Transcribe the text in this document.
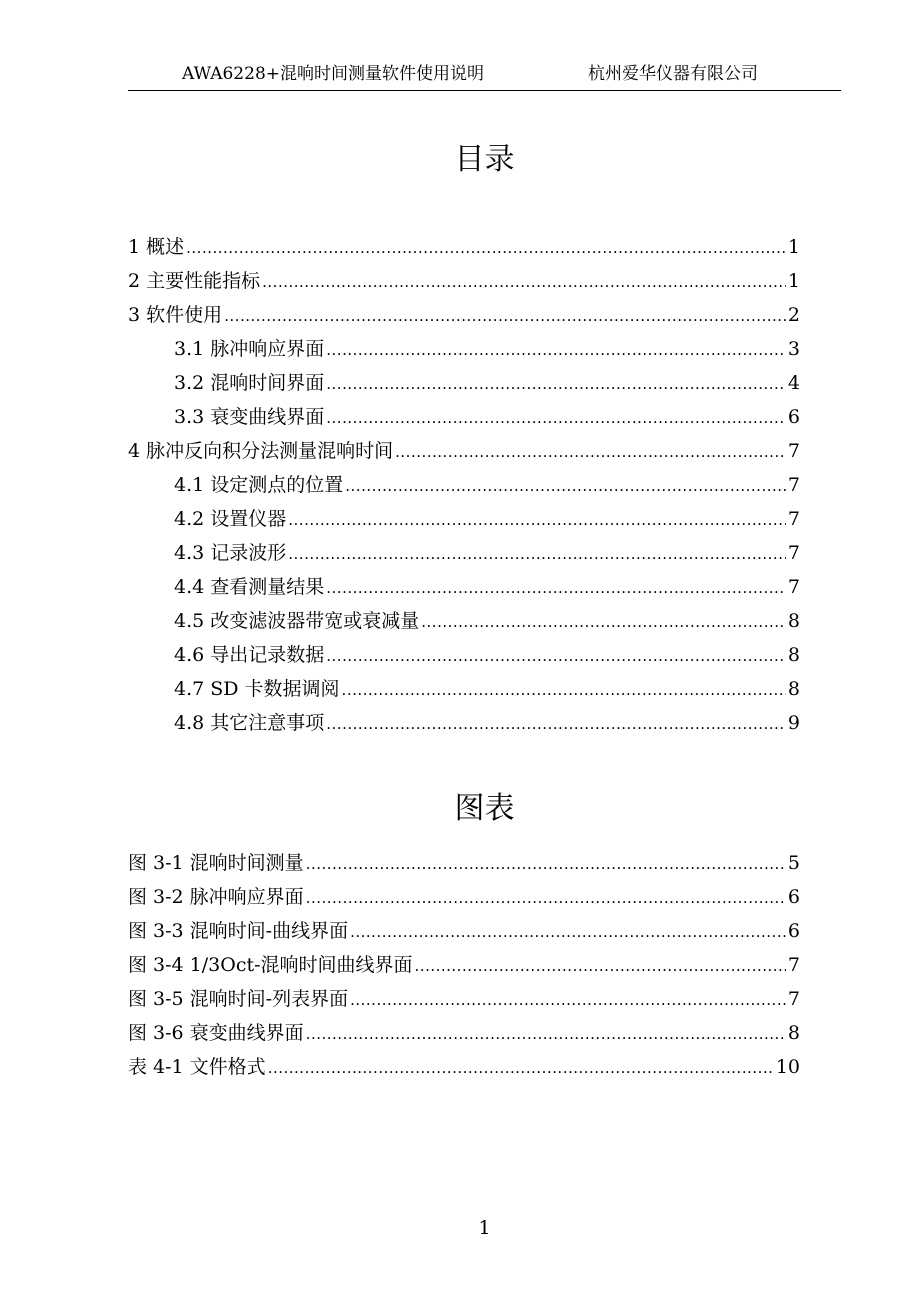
AWA6228+混响时间测量软件使用说明	杭州爱华仪器有限公司
目录
1 概述 .....	1
2 主要性能指标 .....	1
3 软件使用 .....	2
3.1 脉冲响应界面 .....	3
3.2 混响时间界面 .....	4
3.3 衰变曲线界面 .....	6
4 脉冲反向积分法测量混响时间 .....	7
4.1 设定测点的位置 .....	7
4.2 设置仪器 .....	7
4.3 记录波形 .....	7
4.4 查看测量结果 .....	7
4.5 改变滤波器带宽或衰减量 .....	8
4.6 导出记录数据 .....	8
4.7 SD 卡数据调阅 .....	8
4.8 其它注意事项 .....	9
图表
图 3-1 混响时间测量 .....	5
图 3-2 脉冲响应界面 .....	6
图 3-3 混响时间-曲线界面 .....	6
图 3-4 1/3Oct-混响时间曲线界面 .....	7
图 3-5 混响时间-列表界面 .....	7
图 3-6 衰变曲线界面 .....	8
表 4-1 文件格式 .....	10
1
